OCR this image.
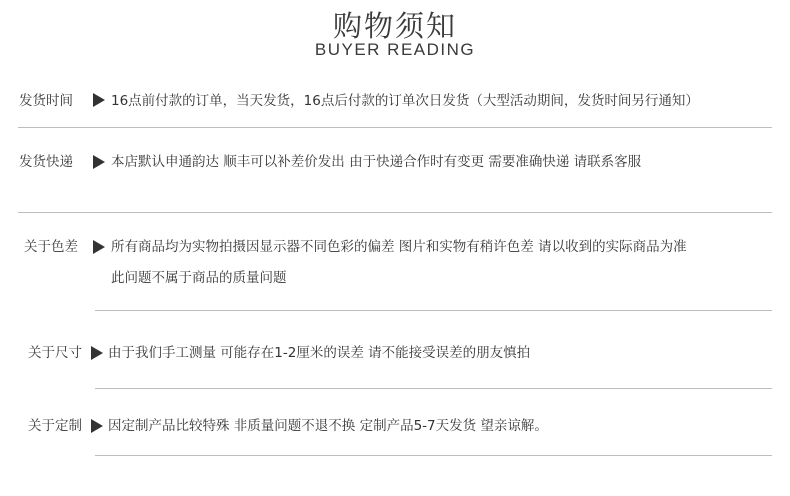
购物须知
BUYER READING
发货时间	16点前付款的订单，当天发货，16点后付款的订单次日发货（大型活动期间，发货时间另行通知）
发货快递	本店默认申通韵达 顺丰可以补差价发出 由于快递合作时有变更 需要准确快递 请联系客服
关于色差 所有商品均为实物拍摄因显示器不同色彩的偏差 图片和实物有稍许色差 请以收到的实际商品为准
此问题不属于商品的质量问题
关于尺寸 由于我们手工测量 可能存在1-2厘米的误差 请不能接受误差的朋友慎拍
关于定制 因定制产品比较特殊 非质量问题不退不换 定制产品5-7天发货 望亲谅解。
